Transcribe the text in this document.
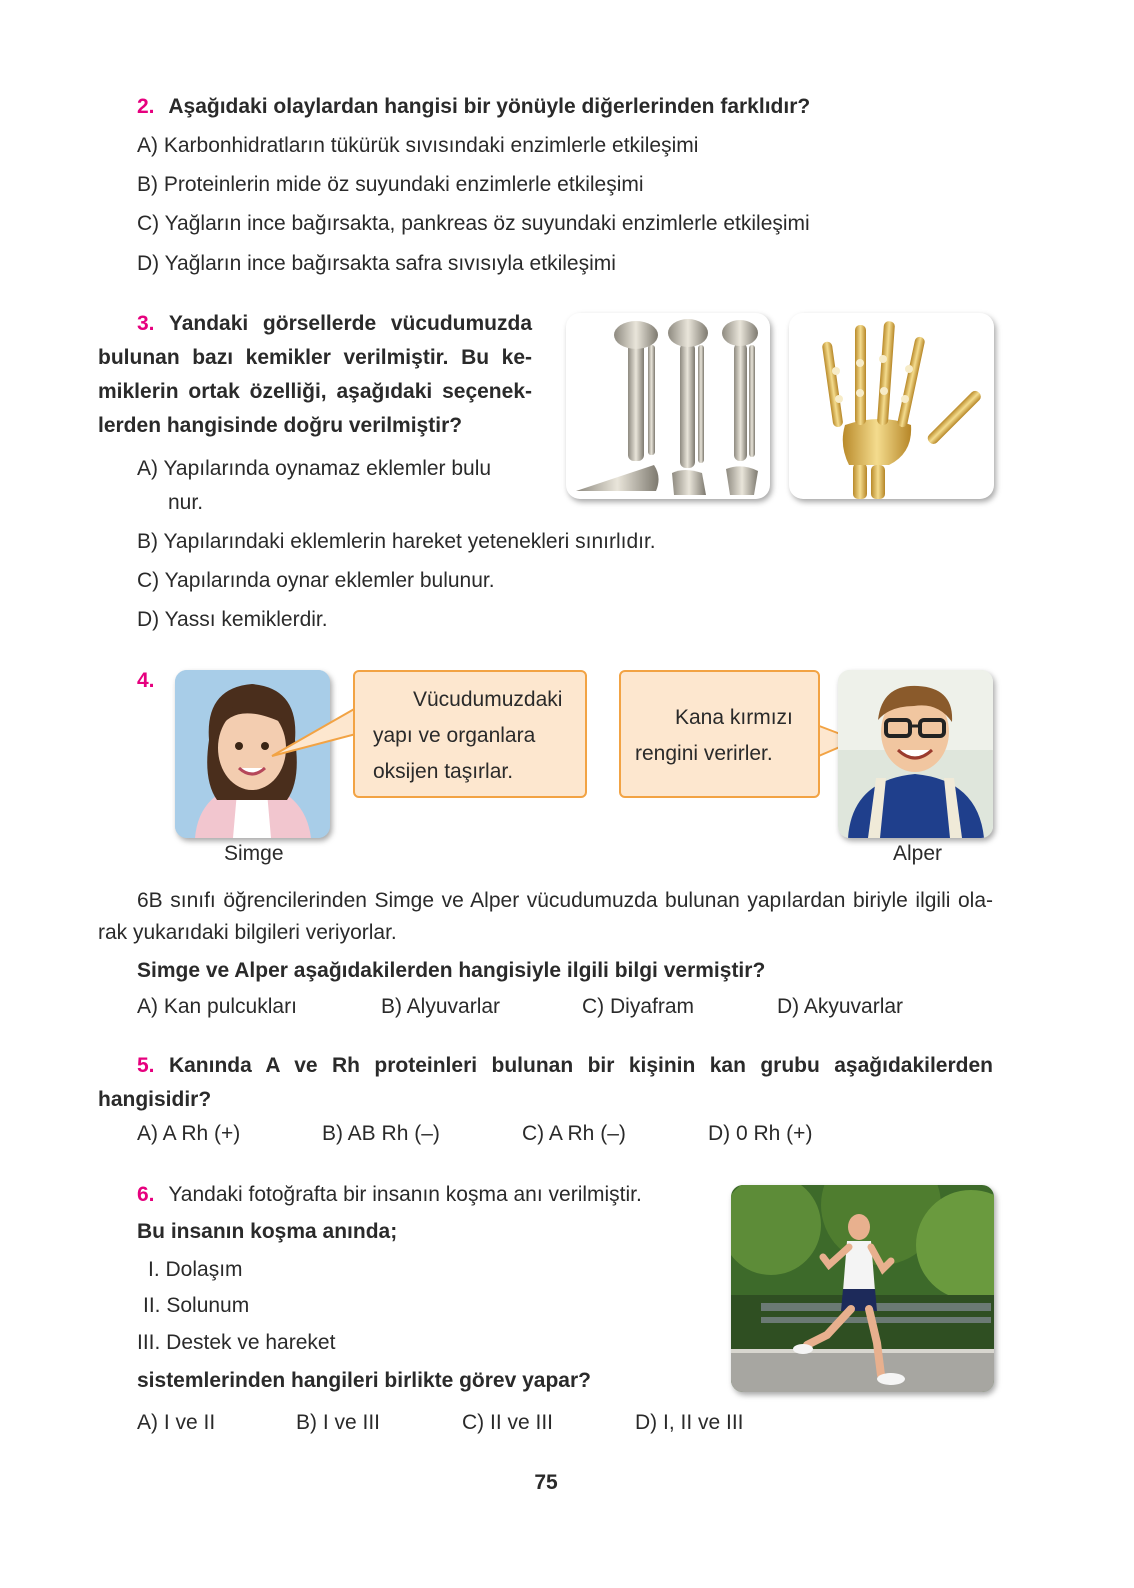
2. Aşağıdaki olaylardan hangisi bir yönüyle diğerlerinden farklıdır?
A) Karbonhidratların tükürük sıvısındaki enzimlerle etkileşimi
B) Proteinlerin mide öz suyundaki enzimlerle etkileşimi
C) Yağların ince bağırsakta, pankreas öz suyundaki enzimlerle etkileşimi
D) Yağların ince bağırsakta safra sıvısıyla etkileşimi
3. Yandaki görsellerde vücudumuzda
bulunan bazı kemikler verilmiştir. Bu ke-
miklerin ortak özelliği, aşağıdaki seçenek-
lerden hangisinde doğru verilmiştir?
A) Yapılarında oynamaz eklemler bulu
nur.
B) Yapılarındaki eklemlerin hareket yetenekleri sınırlıdır.
C) Yapılarında oynar eklemler bulunur.
D) Yassı kemiklerdir.
4.
Vücudumuzdaki
yapı ve organlara
oksijen taşırlar.
Kana kırmızı
rengini verirler.
Simge	Alper
6B sınıfı öğrencilerinden Simge ve Alper vücudumuzda bulunan yapılardan biriyle ilgili ola-
rak yukarıdaki bilgileri veriyorlar.
Simge ve Alper aşağıdakilerden hangisiyle ilgili bilgi vermiştir?
A) Kan pulcukları	B) Alyuvarlar	C) Diyafram	D) Akyuvarlar
5. Kanında A ve Rh proteinleri bulunan bir kişinin kan grubu aşağıdakilerden
hangisidir?
A) A Rh (+)	B) AB Rh (–)	C) A Rh (–)	D) 0 Rh (+)
6. Yandaki fotoğrafta bir insanın koşma anı verilmiştir.
Bu insanın koşma anında;
I. Dolaşım
II. Solunum
III. Destek ve hareket
sistemlerinden hangileri birlikte görev yapar?
A) I ve II	B) I ve III	C) II ve III	D) I, II ve III
75
